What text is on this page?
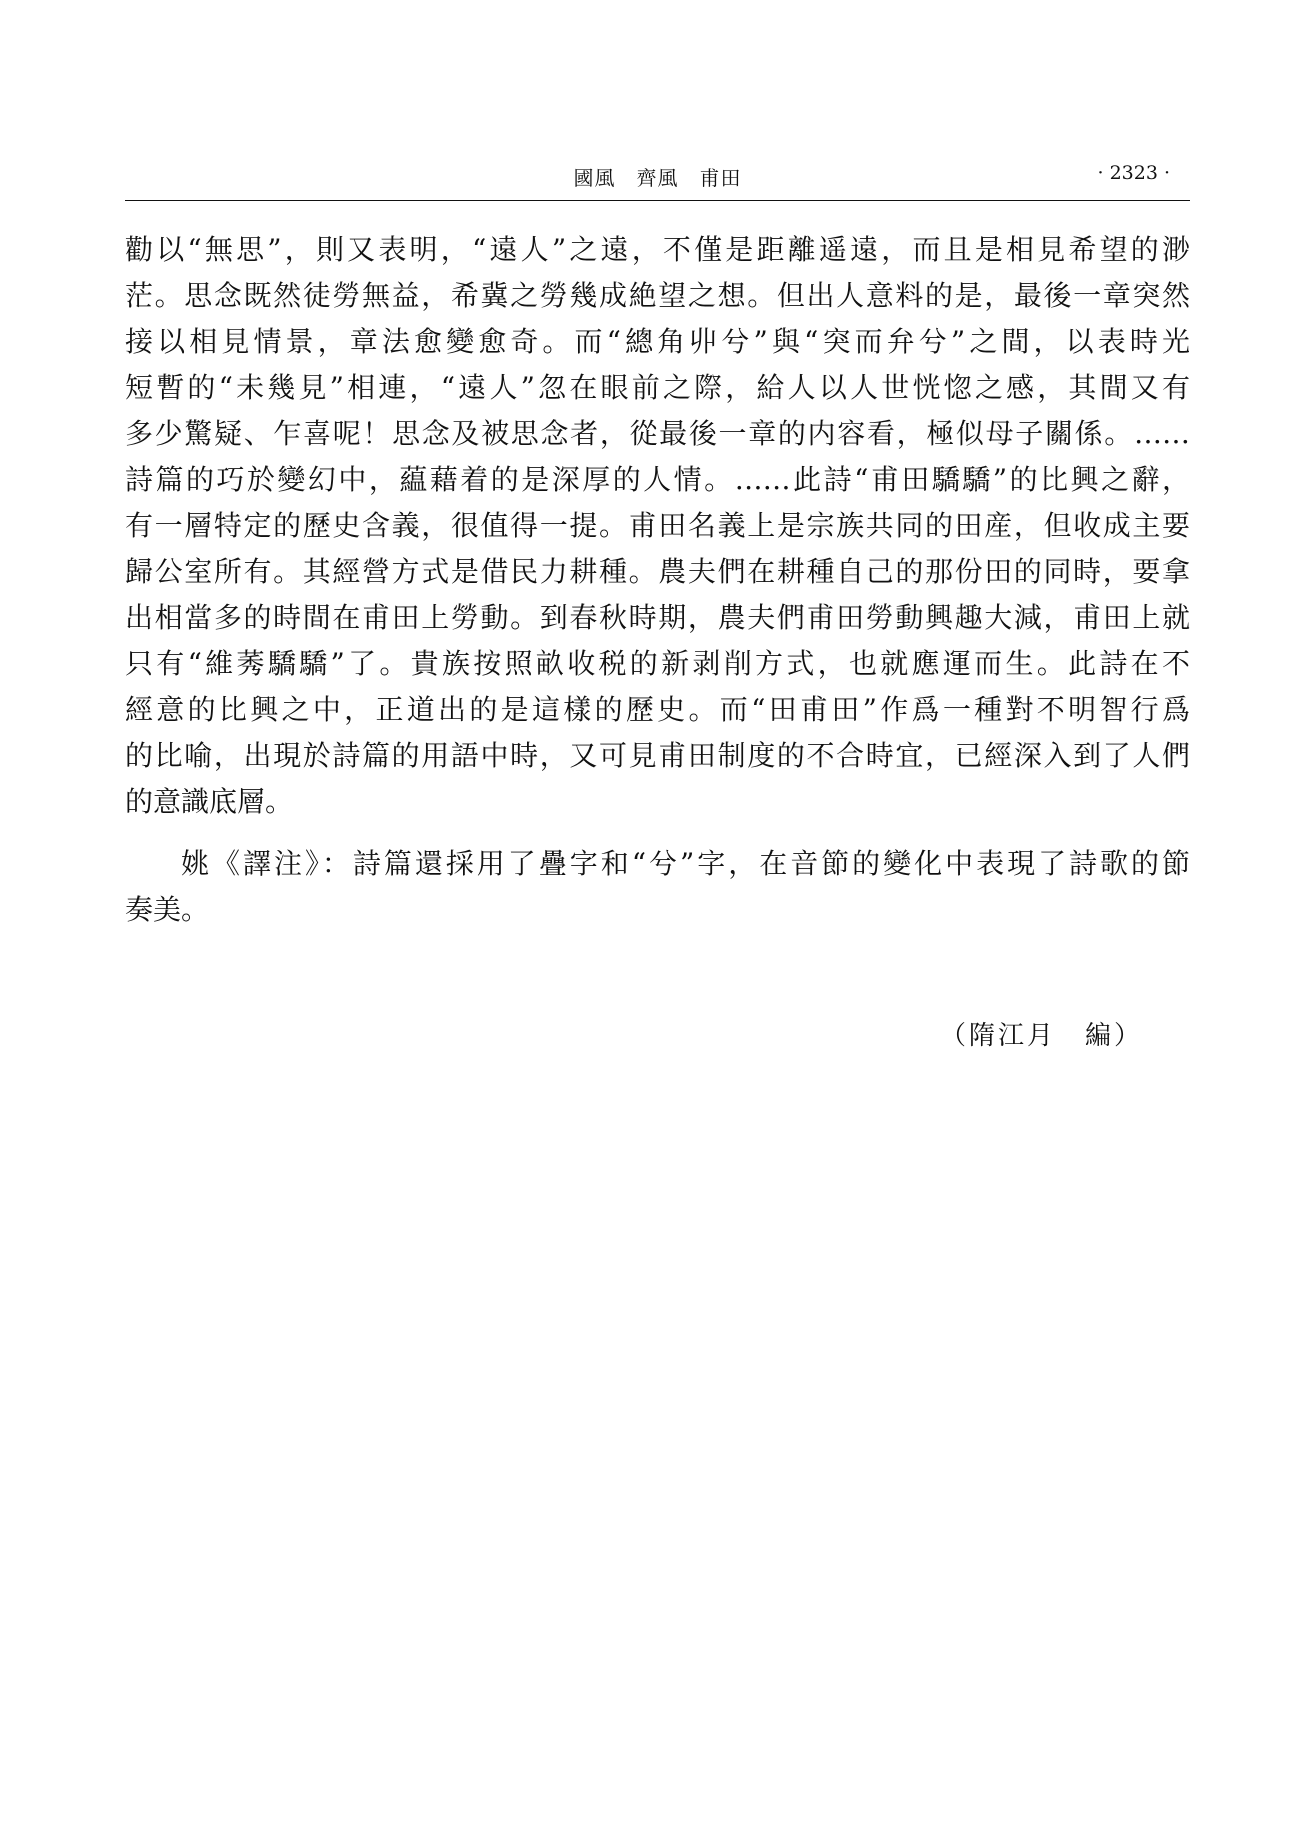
國風　齊風　甫田	· 2323 ·
勸以“無思”，則又表明，“遠人”之遠，不僅是距離遥遠，而且是相見希望的渺
茫。思念既然徒勞無益，希冀之勞幾成絶望之想。但出人意料的是，最後一章突然
接以相見情景，章法愈變愈奇。而“總角丱兮”與“突而弁兮”之間，以表時光
短暫的“未幾見”相連，“遠人”忽在眼前之際，給人以人世恍惚之感，其間又有
多少驚疑、乍喜呢！思念及被思念者，從最後一章的内容看，極似母子關係。……
詩篇的巧於變幻中，藴藉着的是深厚的人情。……此詩“甫田驕驕”的比興之辭，
有一層特定的歷史含義，很值得一提。甫田名義上是宗族共同的田産，但收成主要
歸公室所有。其經營方式是借民力耕種。農夫們在耕種自己的那份田的同時，要拿
出相當多的時間在甫田上勞動。到春秋時期，農夫們甫田勞動興趣大減，甫田上就
只有“維莠驕驕”了。貴族按照畝收税的新剥削方式，也就應運而生。此詩在不
經意的比興之中，正道出的是這樣的歷史。而“田甫田”作爲一種對不明智行爲
的比喻，出現於詩篇的用語中時，又可見甫田制度的不合時宜，已經深入到了人們
的意識底層。
姚《譯注》：詩篇還採用了疊字和“兮”字，在音節的變化中表現了詩歌的節
奏美。
（隋江月　編）
